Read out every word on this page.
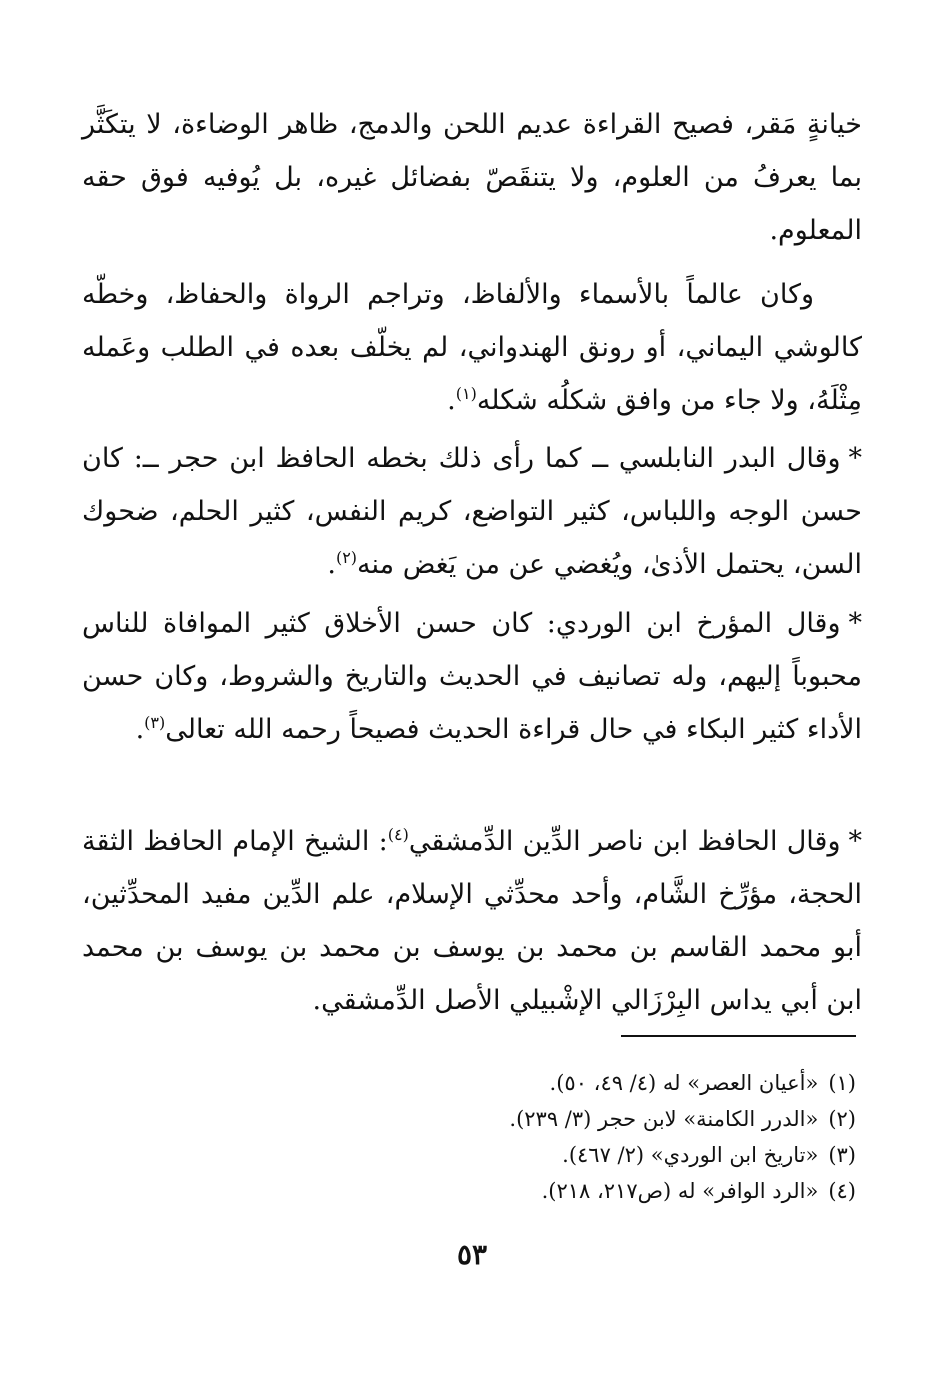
خيانةٍ مَقر، فصيح القراءة عديم اللحن والدمج، ظاهر الوضاءة، لا يتكَثَّر بما يعرفُ من العلوم، ولا يتنقَصّ بفضائل غيره، بل يُوفيه فوق حقه المعلوم.

وكان عالماً بالأسماء والألفاظ، وتراجم الرواة والحفاظ، وخطّه كالوشي اليماني، أو رونق الهندواني، لم يخلّف بعده في الطلب وعَمله مِثْلَهُ، ولا جاء من وافق شكلُه شكله$^{(١)}$.

*وقال البدر النابلسي ــ كما رأى ذلك بخطه الحافظ ابن حجر ــ: كان حسن الوجه واللباس، كثير التواضع، كريم النفس، كثير الحلم، ضحوك السن، يحتمل الأذىٰ، ويُغضي عن من يَغض منه$^{(٢)}$.

*وقال المؤرخ ابن الوردي: كان حسن الأخلاق كثير الموافاة للناس محبوباً إليهم، وله تصانيف في الحديث والتاريخ والشروط، وكان حسن الأداء كثير البكاء في حال قراءة الحديث فصيحاً رحمه الله تعالى$^{(٣)}$.

*وقال الحافظ ابن ناصر الدِّين الدِّمشقي$^{(٤)}$: الشيخ الإمام الحافظ الثقة الحجة، مؤرِّخ الشَّام، وأحد محدِّثي الإسلام، علم الدِّين مفيد المحدِّثين، أبو محمد القاسم بن محمد بن يوسف بن محمد بن يوسف بن محمد ابن أبي يداس البِرْزَالي الإشْبيلي الأصل الدِّمشقي.

(١)«أعيان العصر» له (٤/ ٤٩، ٥٠).
(٢)«الدرر الكامنة» لابن حجر (٣/ ٢٣٩).
(٣)«تاريخ ابن الوردي» (٢/ ٤٦٧).
(٤)«الرد الوافر» له (ص٢١٧، ٢١٨).
٥٣
